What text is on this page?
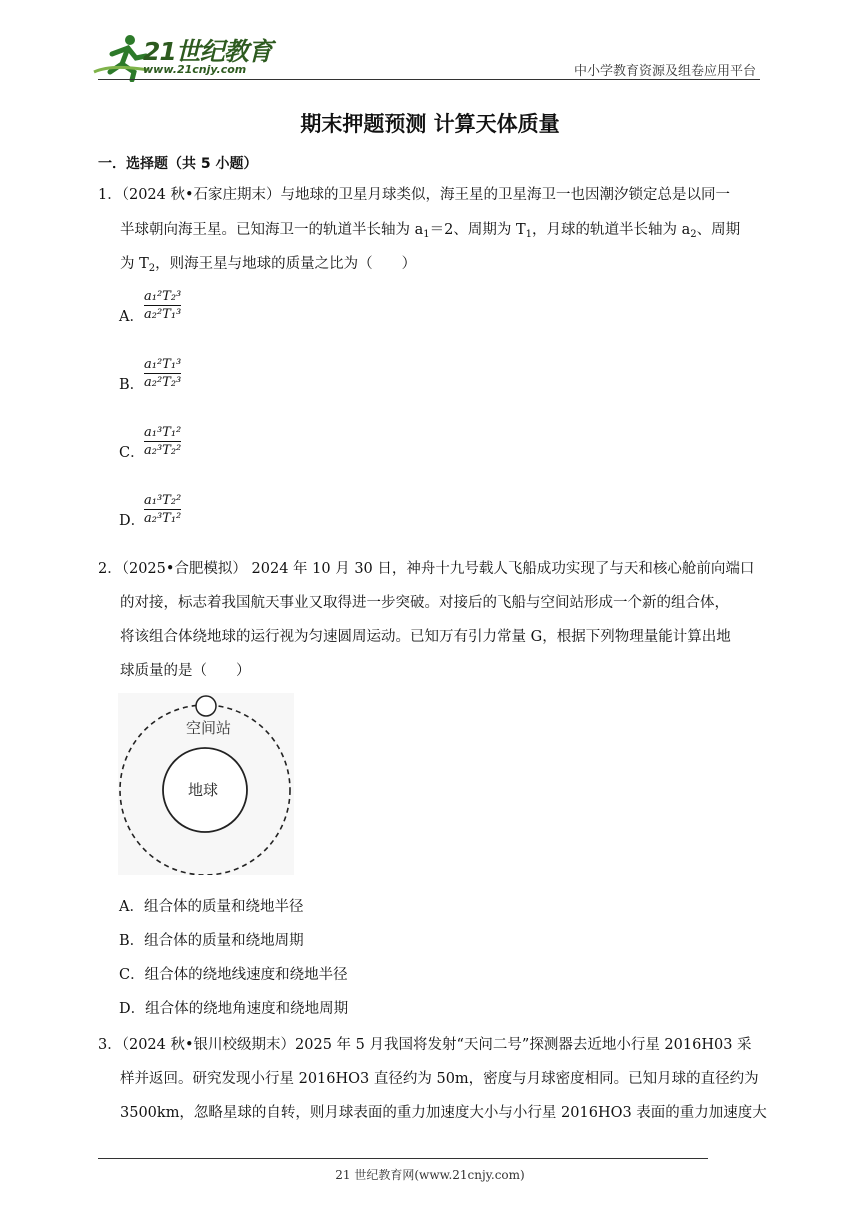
21世纪教育
www.21cnjy.com	中小学教育资源及组卷应用平台
期末押题预测 计算天体质量
一．选择题（共 5 小题）
1．（2024 秋•石家庄期末）与地球的卫星月球类似，海王星的卫星海卫一也因潮汐锁定总是以同一
半球朝向海王星。已知海卫一的轨道半长轴为 $a_1=2$、周期为 $T_1$，月球的轨道半长轴为 $a_2$、周期
为 $T_2$，则海王星与地球的质量之比为（　　）
A．
a₁²T₂³
a₂²T₁³
B．
a₁²T₁³
a₂²T₂³
C．
a₁³T₁²
a₂³T₂²
D．
a₁³T₂²
a₂³T₁²
2．（2025•合肥模拟） 2024 年 10 月 30 日，神舟十九号载人飞船成功实现了与天和核心舱前向端口
的对接，标志着我国航天事业又取得进一步突破。对接后的飞船与空间站形成一个新的组合体，
将该组合体绕地球的运行视为匀速圆周运动。已知万有引力常量 G，根据下列物理量能计算出地
球质量的是（　　）
空间站
地球
A．组合体的质量和绕地半径
B．组合体的质量和绕地周期
C．组合体的绕地线速度和绕地半径
D．组合体的绕地角速度和绕地周期
3．（2024 秋•银川校级期末）2025 年 5 月我国将发射“天问二号”探测器去近地小行星 2016H03 采
样并返回。研究发现小行星 2016HO3 直径约为 50m，密度与月球密度相同。已知月球的直径约为
3500km，忽略星球的自转，则月球表面的重力加速度大小与小行星 2016HO3 表面的重力加速度大
21 世纪教育网(www.21cnjy.com)
